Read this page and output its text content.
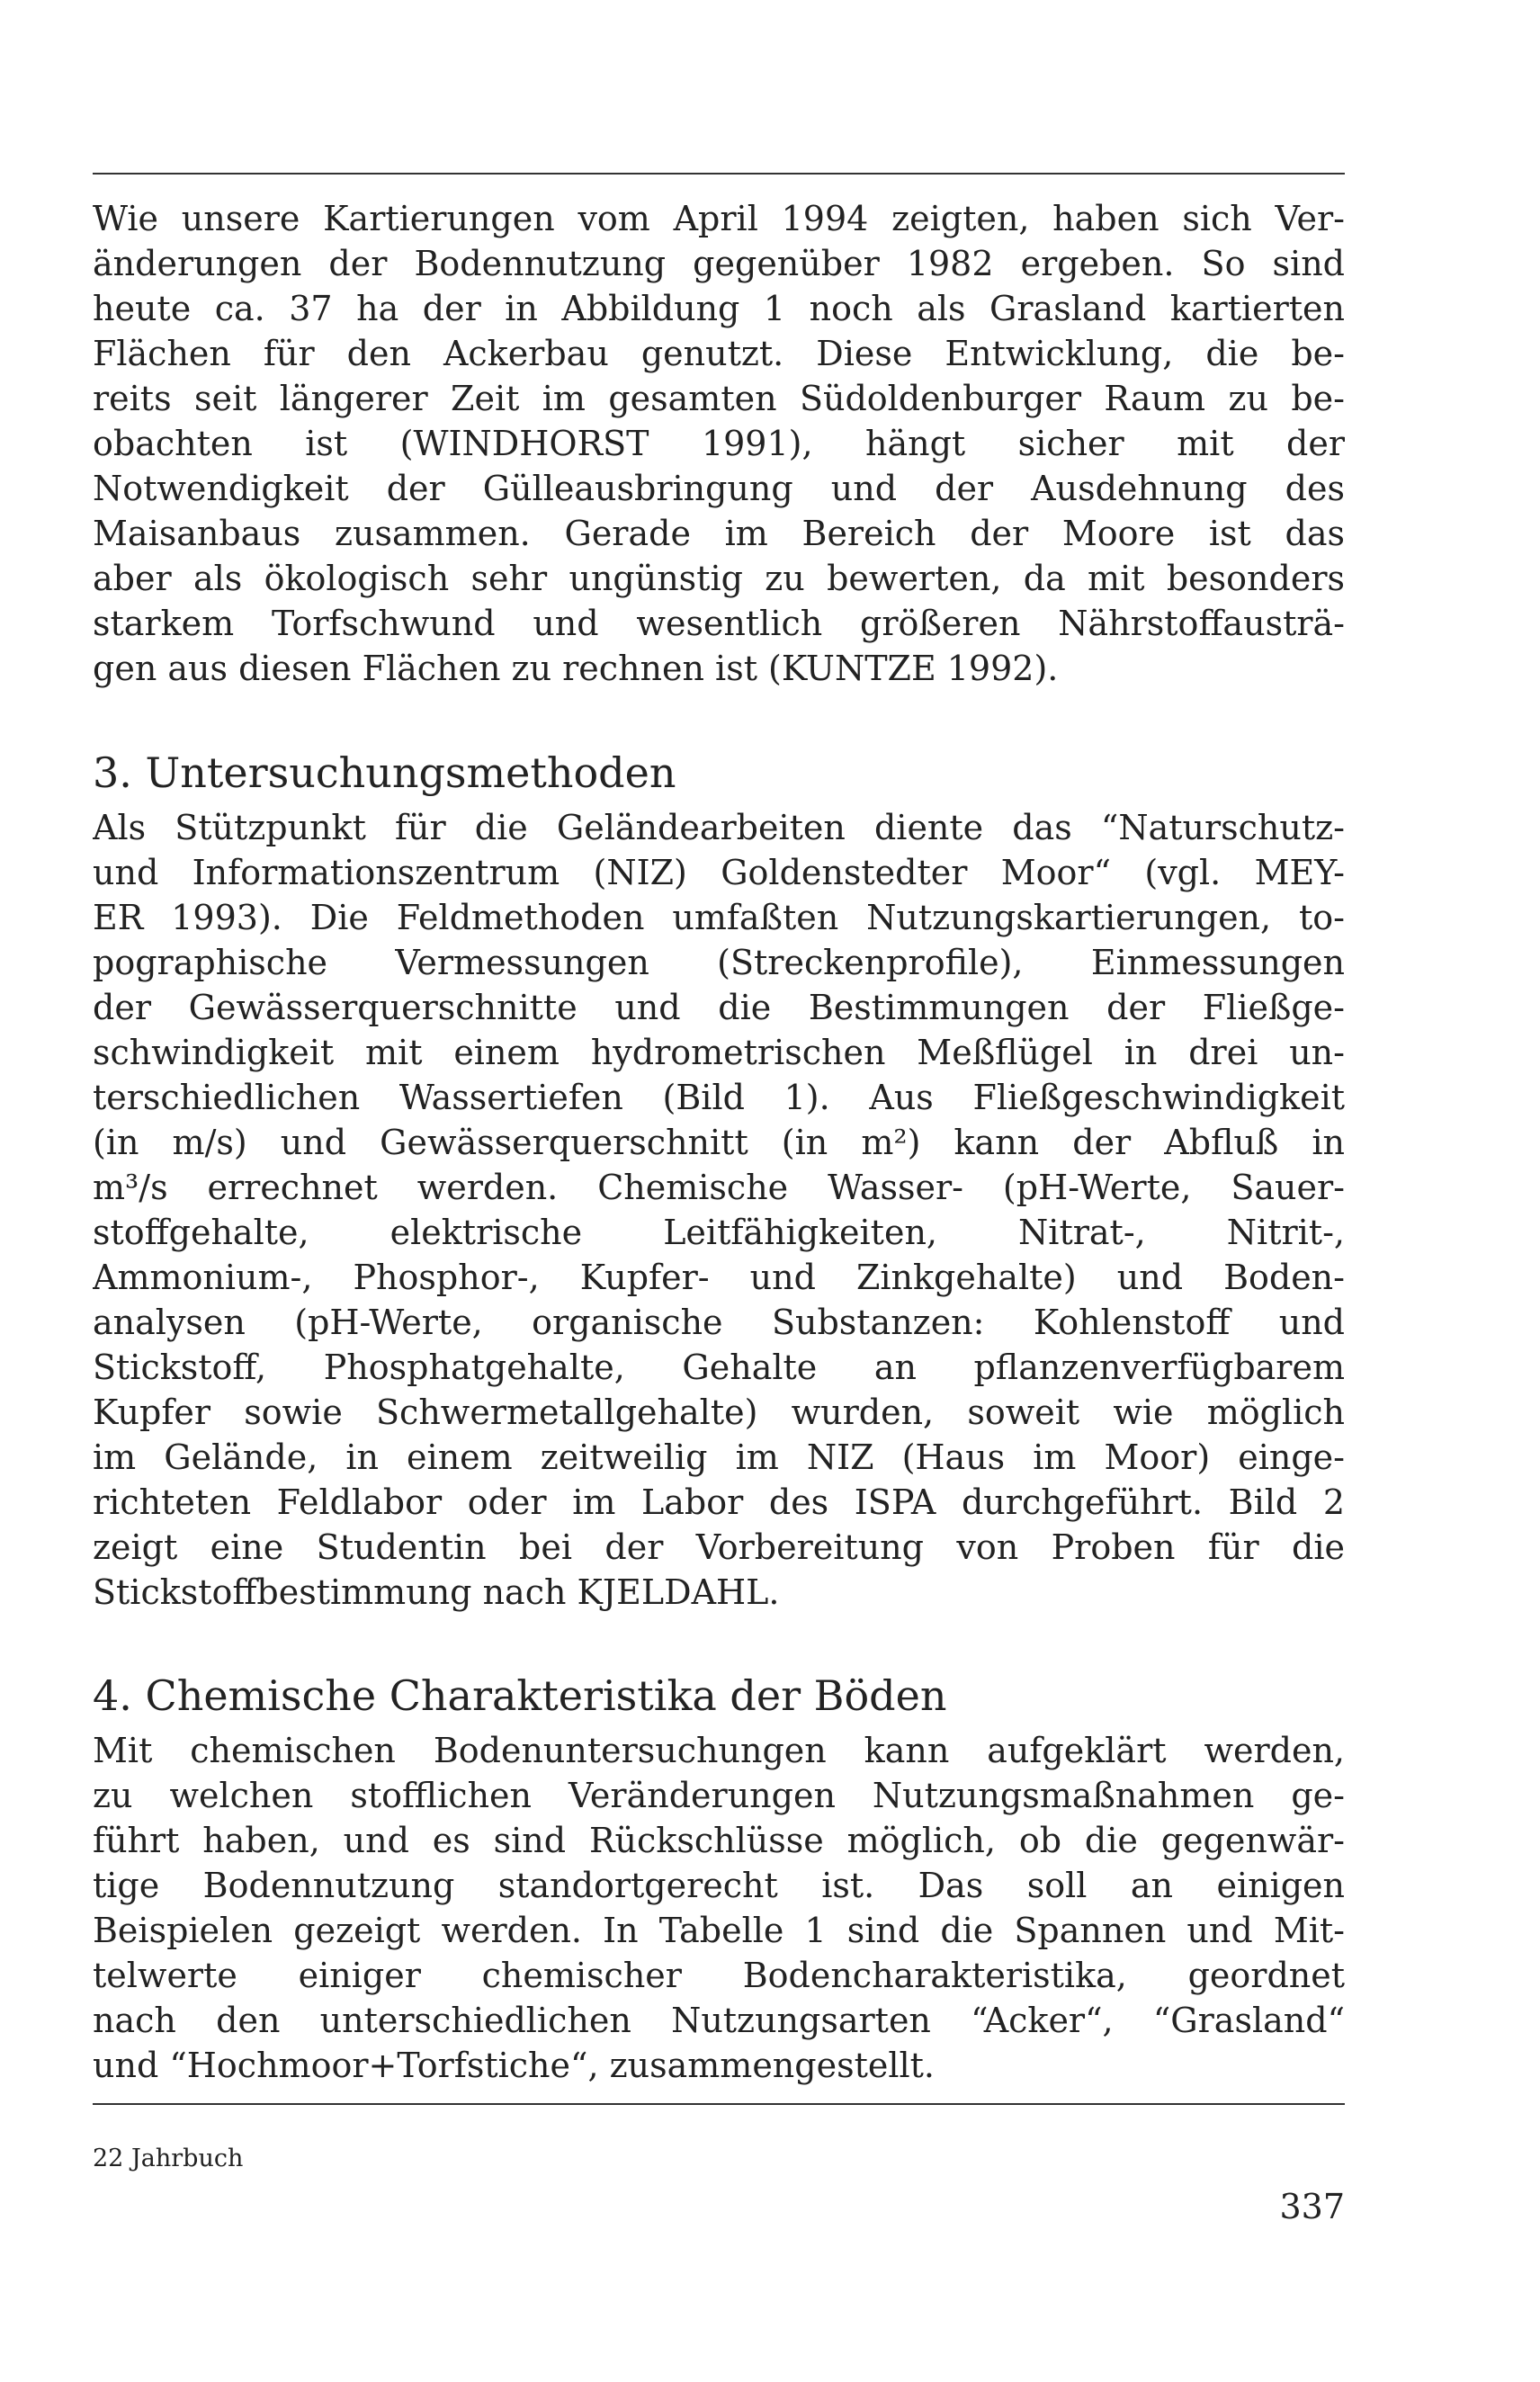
Wie unsere Kartierungen vom April 1994 zeigten, haben sich Ver-
änderungen der Bodennutzung gegenüber 1982 ergeben. So sind
heute ca. 37 ha der in Abbildung 1 noch als Grasland kartierten
Flächen für den Ackerbau genutzt. Diese Entwicklung, die be-
reits seit längerer Zeit im gesamten Südoldenburger Raum zu be-
obachten ist (WINDHORST 1991), hängt sicher mit der
Notwendigkeit der Gülleausbringung und der Ausdehnung des
Maisanbaus zusammen. Gerade im Bereich der Moore ist das
aber als ökologisch sehr ungünstig zu bewerten, da mit besonders
starkem Torfschwund und wesentlich größeren Nährstoffausträ-
gen aus diesen Flächen zu rechnen ist (KUNTZE 1992).
3. Untersuchungsmethoden
Als Stützpunkt für die Geländearbeiten diente das “Naturschutz-
und Informationszentrum (NIZ) Goldenstedter Moor“ (vgl. MEY-
ER 1993). Die Feldmethoden umfaßten Nutzungskartierungen, to-
pographische Vermessungen (Streckenprofile), Einmessungen
der Gewässerquerschnitte und die Bestimmungen der Fließge-
schwindigkeit mit einem hydrometrischen Meßflügel in drei un-
terschiedlichen Wassertiefen (Bild 1). Aus Fließgeschwindigkeit
(in m/s) und Gewässerquerschnitt (in m²) kann der Abfluß in
m³/s errechnet werden. Chemische Wasser- (pH-Werte, Sauer-
stoffgehalte, elektrische Leitfähigkeiten, Nitrat-, Nitrit-,
Ammonium-, Phosphor-, Kupfer- und Zinkgehalte) und Boden-
analysen (pH-Werte, organische Substanzen: Kohlenstoff und
Stickstoff, Phosphatgehalte, Gehalte an pflanzenverfügbarem
Kupfer sowie Schwermetallgehalte) wurden, soweit wie möglich
im Gelände, in einem zeitweilig im NIZ (Haus im Moor) einge-
richteten Feldlabor oder im Labor des ISPA durchgeführt. Bild 2
zeigt eine Studentin bei der Vorbereitung von Proben für die
Stickstoffbestimmung nach KJELDAHL.
4. Chemische Charakteristika der Böden
Mit chemischen Bodenuntersuchungen kann aufgeklärt werden,
zu welchen stofflichen Veränderungen Nutzungsmaßnahmen ge-
führt haben, und es sind Rückschlüsse möglich, ob die gegenwär-
tige Bodennutzung standortgerecht ist. Das soll an einigen
Beispielen gezeigt werden. In Tabelle 1 sind die Spannen und Mit-
telwerte einiger chemischer Bodencharakteristika, geordnet
nach den unterschiedlichen Nutzungsarten “Acker“, “Grasland“
und “Hochmoor+Torfstiche“, zusammengestellt.
22 Jahrbuch
337
